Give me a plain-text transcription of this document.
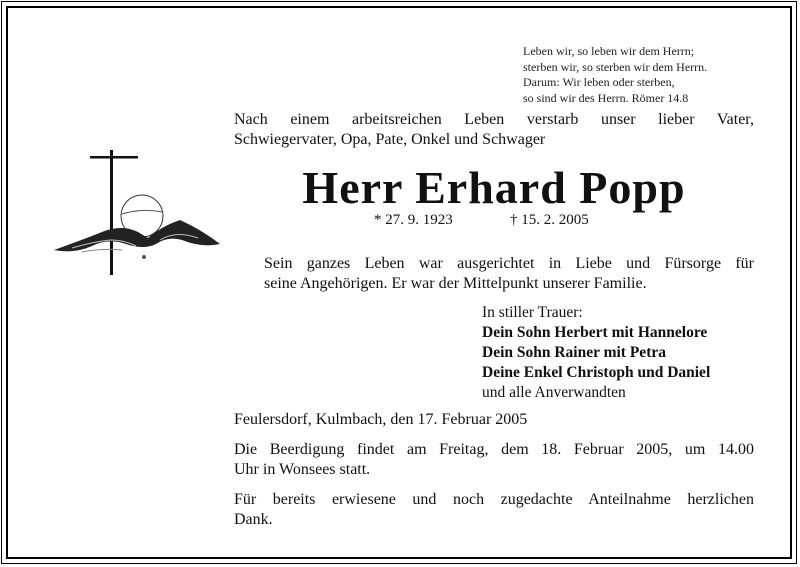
Leben wir, so leben wir dem Herrn;
sterben wir, so sterben wir dem Herrn.
Darum: Wir leben oder sterben,
so sind wir des Herrn. Römer 14.8
Nach einem arbeitsreichen Leben verstarb unser lieber Vater,
Schwiegervater, Opa, Pate, Onkel und Schwager
Herr Erhard Popp
* 27. 9. 1923	† 15. 2. 2005
Sein ganzes Leben war ausgerichtet in Liebe und Fürsorge für
seine Angehörigen. Er war der Mittelpunkt unserer Familie.
In stiller Trauer:
Dein Sohn Herbert mit Hannelore
Dein Sohn Rainer mit Petra
Deine Enkel Christoph und Daniel
und alle Anverwandten
Feulersdorf, Kulmbach, den 17. Februar 2005
Die Beerdigung findet am Freitag, dem 18. Februar 2005, um 14.00
Uhr in Wonsees statt.
Für bereits erwiesene und noch zugedachte Anteilnahme herzlichen
Dank.
